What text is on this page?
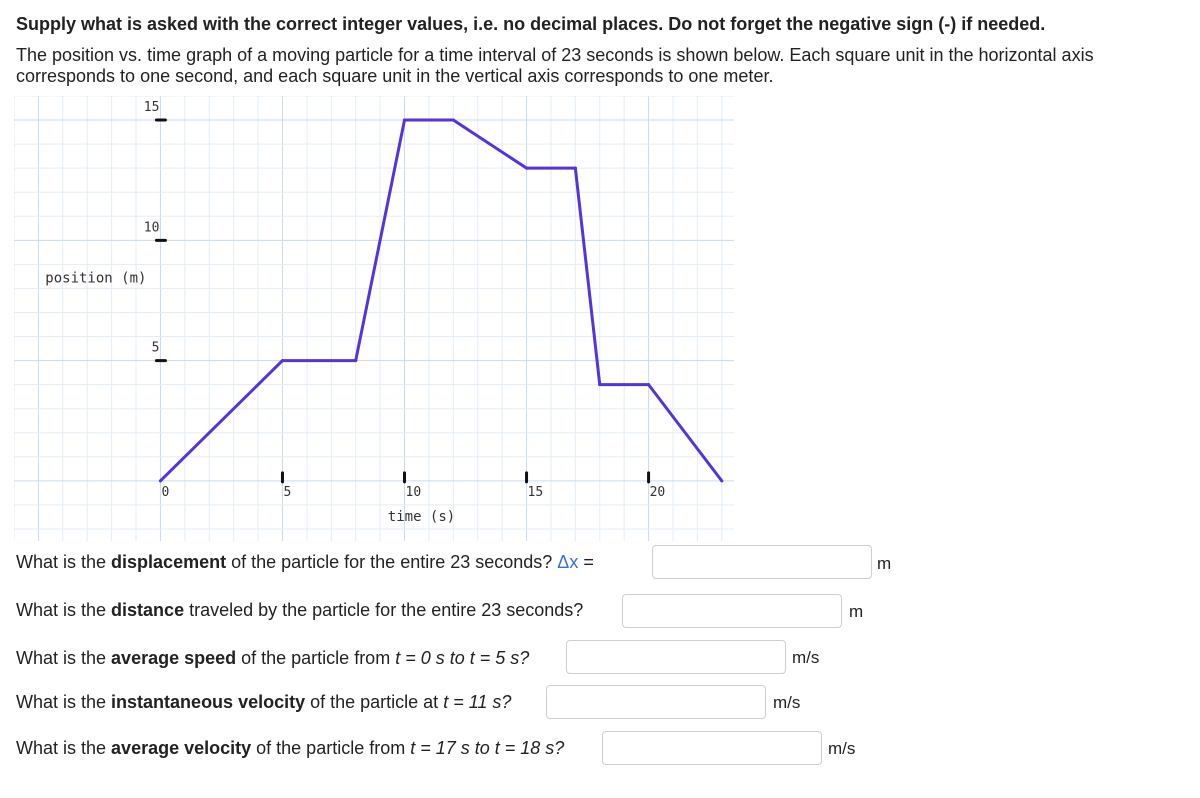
Supply what is asked with the correct integer values, i.e. no decimal places. Do not forget the negative sign (-) if needed.
The position vs. time graph of a moving particle for a time interval of 23 seconds is shown below. Each square unit in the horizontal axis corresponds to one second, and each square unit in the vertical axis corresponds to one meter.
0	5	10	15	20
5
10
15
time (s)
position (m)
What is the displacement of the particle for the entire 23 seconds? Δx =	m
What is the distance traveled by the particle for the entire 23 seconds?	m
What is the average speed of the particle from t = 0 s to t = 5 s?	m/s
What is the instantaneous velocity of the particle at t = 11 s?	m/s
What is the average velocity of the particle from t = 17 s to t = 18 s?	m/s
